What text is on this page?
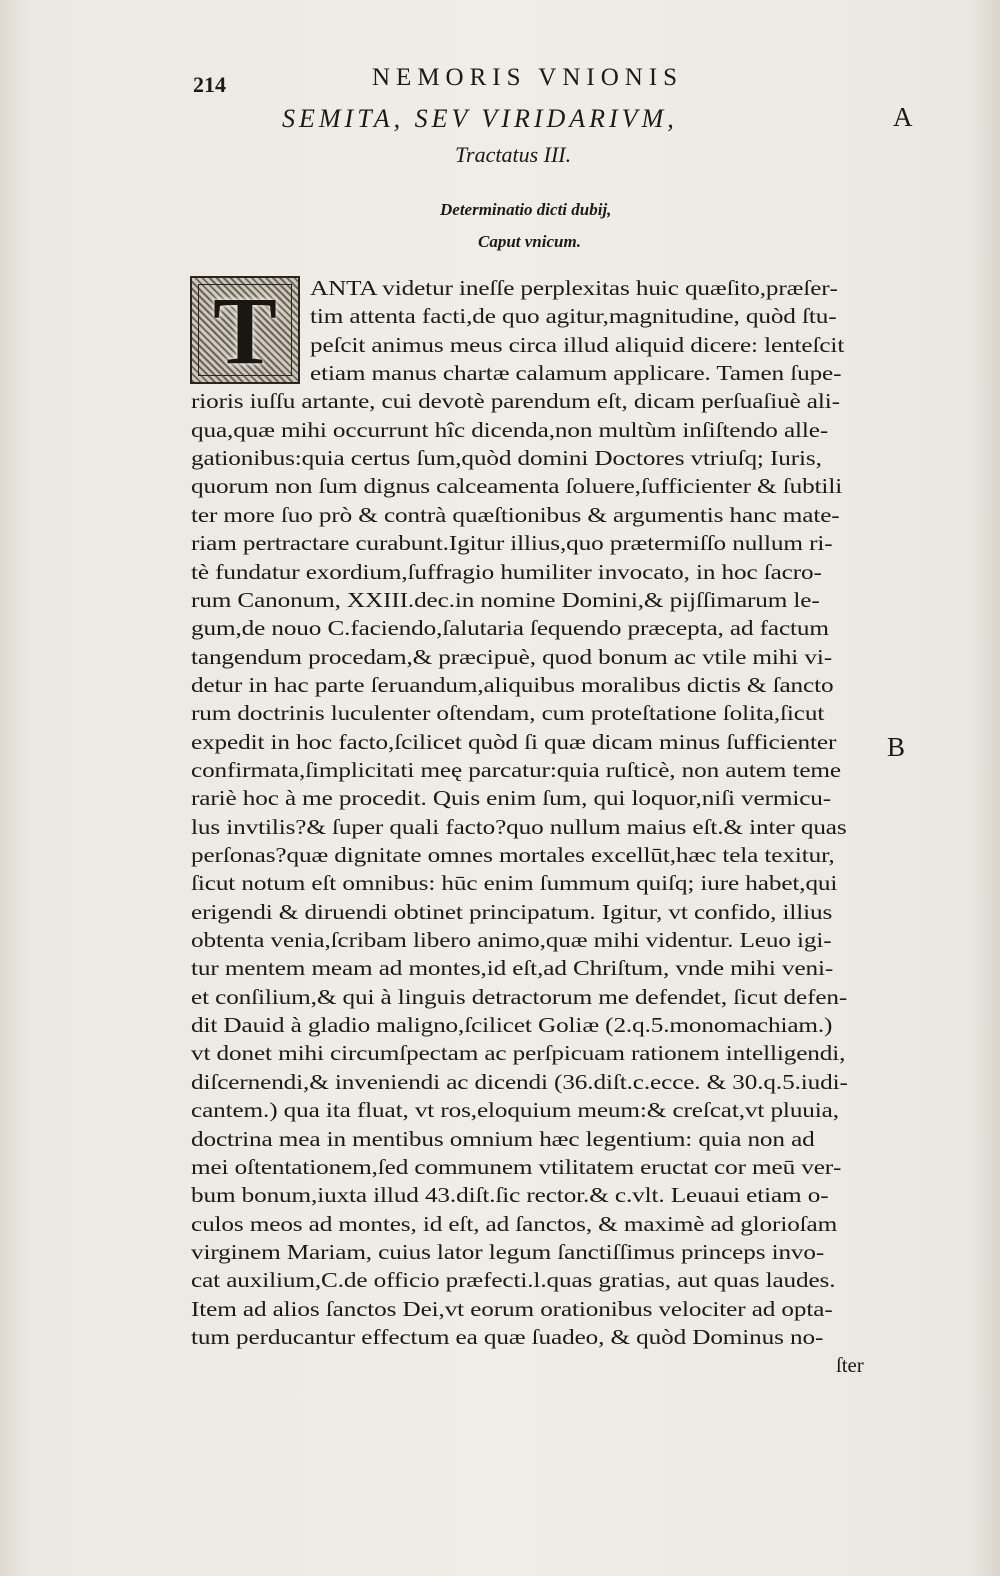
214	NEMORIS VNIONIS
SEMITA, SEV VIRIDARIVM,
Tractatus III.
Determinatio dicti dubij,
Caput vnicum.
A
B
T	ANTA videtur ineſſe perplexitas huic quæſito,præſer‐
tim attenta facti,de quo agitur,magnitudine, quòd ſtu‐
peſcit animus meus circa illud aliquid dicere: lenteſcit
etiam manus chartæ calamum applicare. Tamen ſupe‐
rioris iuſſu artante, cui devotè parendum eſt, dicam perſuaſiuè ali‐
qua,quæ mihi occurrunt hîc dicenda,non multùm inſiſtendo alle‐
gationibus:quia certus ſum,quòd domini Doctores vtriuſq; Iuris,
quorum non ſum dignus calceamenta ſoluere,ſufficienter & ſubtili
ter more ſuo prò & contrà quæſtionibus & argumentis hanc mate‐
riam pertractare curabunt.Igitur illius,quo prætermiſſo nullum ri‐
tè fundatur exordium,ſuffragio humiliter invocato, in hoc ſacro‐
rum Canonum, XXIII.dec.in nomine Domini,& pijſſimarum le‐
gum,de nouo C.faciendo,ſalutaria ſequendo præcepta, ad factum
tangendum procedam,& præcipuè, quod bonum ac vtile mihi vi‐
detur in hac parte ſeruandum,aliquibus moralibus dictis & ſancto
rum doctrinis luculenter oſtendam, cum proteſtatione ſolita,ſicut
expedit in hoc facto,ſcilicet quòd ſi quæ dicam minus ſufficienter
confirmata,ſimplicitati meę parcatur:quia ruſticè, non autem teme
rariè hoc à me procedit. Quis enim ſum, qui loquor,niſi vermicu‐
lus invtilis?& ſuper quali facto?quo nullum maius eſt.& inter quas
perſonas?quæ dignitate omnes mortales excellūt,hæc tela texitur,
ſicut notum eſt omnibus: hūc enim ſummum quiſq; iure habet,qui
erigendi & diruendi obtinet principatum. Igitur, vt confido, illius
obtenta venia,ſcribam libero animo,quæ mihi videntur. Leuo igi‐
tur mentem meam ad montes,id eſt,ad Chriſtum, vnde mihi veni‐
et conſilium,& qui à linguis detractorum me defendet, ſicut defen‐
dit Dauid à gladio maligno,ſcilicet Goliæ (2.q.5.monomachiam.)
vt donet mihi circumſpectam ac perſpicuam rationem intelligendi,
diſcernendi,& inveniendi ac dicendi (36.diſt.c.ecce. & 30.q.5.iudi‐
cantem.) qua ita fluat, vt ros,eloquium meum:& creſcat,vt pluuia,
doctrina mea in mentibus omnium hæc legentium: quia non ad
mei oſtentationem,ſed communem vtilitatem eructat cor meū ver‐
bum bonum,iuxta illud 43.diſt.ſic rector.& c.vlt. Leuaui etiam o‐
culos meos ad montes, id eſt, ad ſanctos, & maximè ad glorioſam
virginem Mariam, cuius lator legum ſanctiſſimus princeps invo‐
cat auxilium,C.de officio præfecti.l.quas gratias, aut quas laudes.
Item ad alios ſanctos Dei,vt eorum orationibus velociter ad opta‐
tum perducantur effectum ea quæ ſuadeo, & quòd Dominus no‐
ſter
